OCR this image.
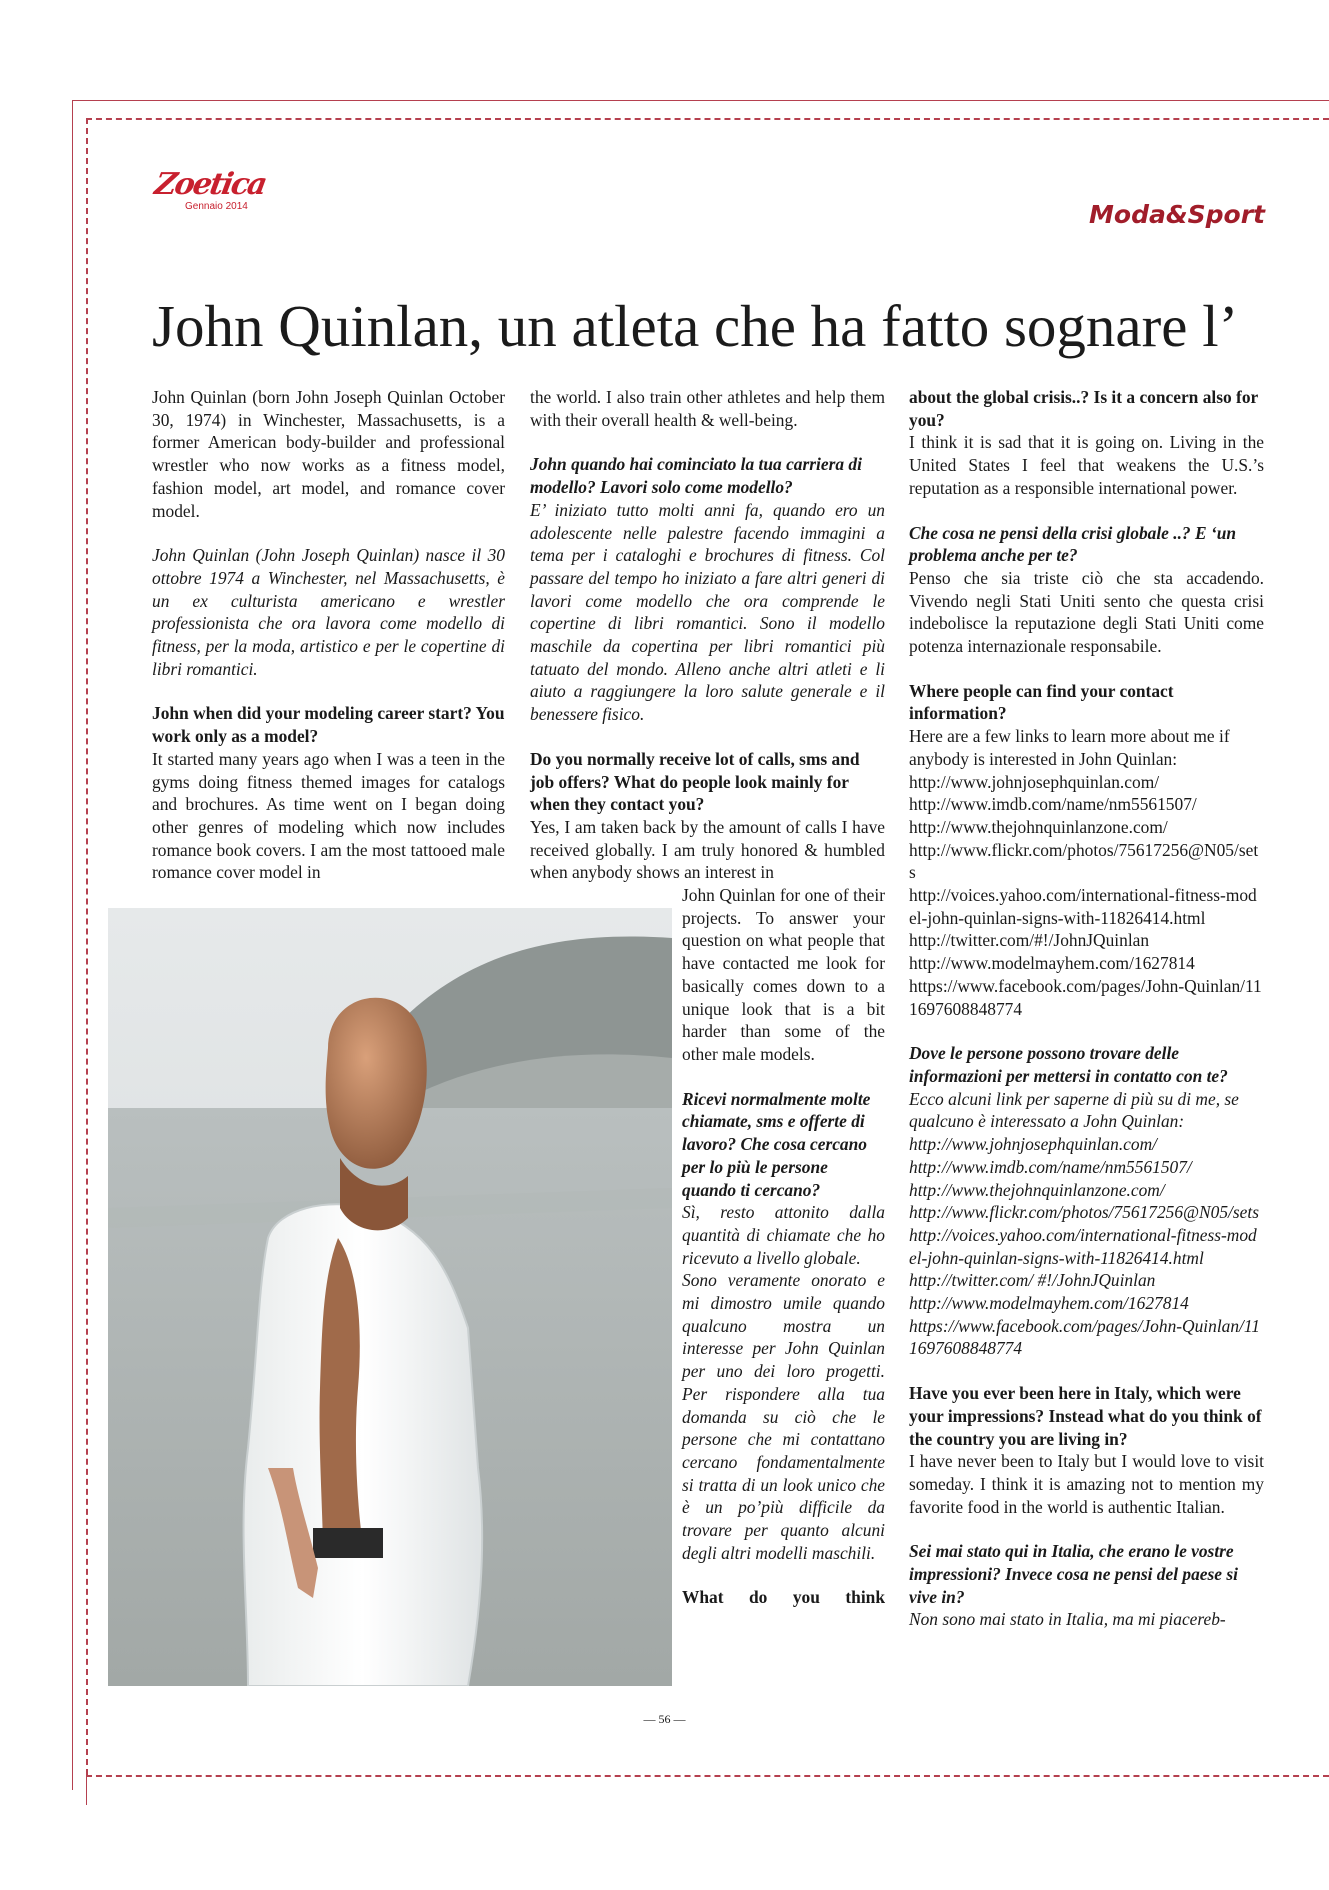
Zoetica
Gennaio 2014	Moda&Sport
John Quinlan, un atleta che ha fatto sognare l’

John Quinlan (born John Joseph Quinlan October 30, 1974) in Winchester, Massachusetts, is a former American body-builder and professional wrestler who now works as a fitness model, fashion model, art model, and romance cover model.

John Quinlan (John Joseph Quinlan) nasce il 30 ottobre 1974 a Winchester, nel Massachusetts, è un ex culturista americano e wrestler professionista che ora lavora come modello di fitness, per la moda, artistico e per le copertine di libri romantici.

John when did your modeling career start? You work only as a model?

It started many years ago when I was a teen in the gyms doing fitness themed images for catalogs and brochures. As time went on I began doing other genres of modeling which now includes romance book covers. I am the most tattooed male romance cover model in

the world. I also train other athletes and help them with their overall health & well-being.

John quando hai cominciato la tua carriera di modello? Lavori solo come modello?

E’ iniziato tutto molti anni fa, quando ero un adolescente nelle palestre facendo immagini a tema per i cataloghi e brochures di fitness. Col passare del tempo ho iniziato a fare altri generi di lavori come modello che ora comprende le copertine di libri romantici. Sono il modello maschile da copertina per libri romantici più tatuato del mondo. Alleno anche altri atleti e li aiuto a raggiungere la loro salute generale e il benessere fisico.

Do you normally receive lot of calls, sms and job offers? What do people look mainly for when they contact you?

Yes, I am taken back by the amount of calls I have received globally. I am truly honored & humbled when anybody shows an interest in

John Quinlan for one of their projects. To answer your question on what people that have contacted me look for basically comes down to a unique look that is a bit harder than some of the other male models.

Ricevi normalmente molte chiamate, sms e offerte di lavoro? Che cosa cercano per lo più le persone quando ti cercano?

Sì, resto attonito dalla quantità di chiamate che ho ricevuto a livello globale.

Sono veramente onorato e mi dimostro umile quando qualcuno mostra un interesse per John Quinlan per uno dei loro progetti. Per rispondere alla tua domanda su ciò che le persone che mi contattano cercano fondamentalmente si tratta di un look unico che è un po’più difficile da trovare per quanto alcuni degli altri modelli maschili.

What do you think

about the global crisis..? Is it a concern also for you?

I think it is sad that it is going on. Living in the United States I feel that weakens the U.S.’s reputation as a responsible international power.

Che cosa ne pensi della crisi globale ..? E ‘un problema anche per te?

Penso che sia triste ciò che sta accadendo. Vivendo negli Stati Uniti sento che questa crisi indebolisce la reputazione degli Stati Uniti come potenza internazionale responsabile.

Where people can find your contact information?

Here are a few links to learn more about me if anybody is interested in John Quinlan:

http://www.johnjosephquinlan.com/
http://www.imdb.com/name/nm5561507/
http://www.thejohnquinlanzone.com/
http://www.flickr.com/photos/75617256@N05/sets
http://voices.yahoo.com/international-fitness-model-john-quinlan-signs-with-11826414.html
http://twitter.com/#!/JohnJQuinlan
http://www.modelmayhem.com/1627814
https://www.facebook.com/pages/John-Quinlan/111697608848774

Dove le persone possono trovare delle informazioni per mettersi in contatto con te?

Ecco alcuni link per saperne di più su di me, se qualcuno è interessato a John Quinlan:

http://www.johnjosephquinlan.com/
http://www.imdb.com/name/nm5561507/
http://www.thejohnquinlanzone.com/
http://www.flickr.com/photos/75617256@N05/sets
http://voices.yahoo.com/international-fitness-model-john-quinlan-signs-with-11826414.html
http://twitter.com/ #!/JohnJQuinlan
http://www.modelmayhem.com/1627814
https://www.facebook.com/pages/John-Quinlan/111697608848774

Have you ever been here in Italy, which were your impressions? Instead what do you think of the country you are living in?

I have never been to Italy but I would love to visit someday. I think it is amazing not to mention my favorite food in the world is authentic Italian.

Sei mai stato qui in Italia, che erano le vostre impressioni? Invece cosa ne pensi del paese si vive in?

Non sono mai stato in Italia, ma mi piacereb-

— 56 —
